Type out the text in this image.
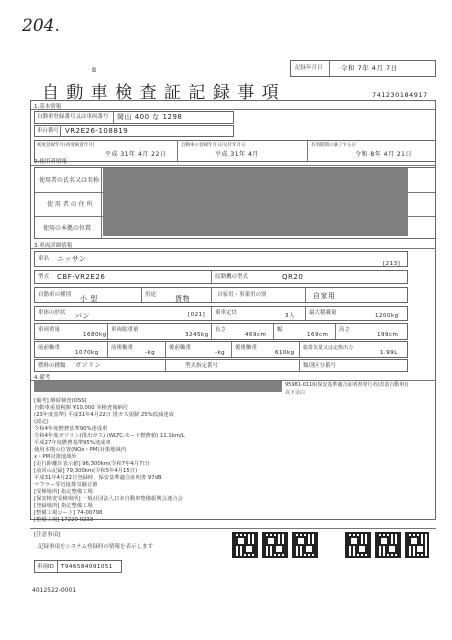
204.
B
自 動 車 検 査 証 記 録 事 項
記録年月日	令和 7年 4月 7日
741230184917
1.基本情報
自動車登録番号又は車両番号 岡山 400 な 1298
車台番号 VR2E26-108819
初度登録年月(初度検査年月)
平成 31年 4月 22日
自動車の登録年月日/交付年月日
平成 31年 4月
有効期間の満了する日
令和 8年 4月 21日
2.使用者情報
使用者の氏名又は名称
使 用 者 の 住 所
使用の本拠の位置
3.車両詳細情報
車名 ニッサン
[213]
型式 CBF-VR2E26	原動機の型式	QR20
自動車の種別 小 型	用途	貨物	自家用・事業用の別	自家用
車体の形状 バン	[021] 乗車定員	3人	最大積載量	1200kg
車両重量
1680kg
車両総重量
3245kg
長さ
469cm
幅
169cm
高さ
199cm
前前軸重
1070kg
前後軸重
-kg
後前軸重
-kg
後後軸重
610kg
総排気量又は定格出力
1.99L
燃料の種類 ガソリン	型式指定番号	類別区分番号
4.備考
95981-0110(保安基準適合証明書発行者(改造自動車))
以下余白
[備考] 継続検査(OSS)
自動車重量税額 ¥10,000 本検査後納付
(23年度基準) 平成31年4月22日 排ガス規制 25%低減達成
(認定)
令和4年度燃費基準90%達成車
令和4年度ガソリン(排出ガス) (WLTC:モード燃費値) 11.1km/L
平成27年度燃費基準95%達成車
使用本拠の位置(NOx・PM)対策地域内
x・PM対策地域外
[走行距離計表示値] 96,300km(令和7年4月7日)
[前回の記録] 79,300km(令和5年4月15日)
平成31年4月22日登録時、保安基準適合証明書 97dB
マフラー等近接排気騒音値
[受検場所] 指定整備工場
[保安検査受検場所] 一般社団法人日本自動車整備振興会連合会
[登録場所] 指定整備工場
[整備工場コード] 74-00798
[整備工場] 17220-0233
[注意事項]
記録事項をシステム登録時の情報を表示します
車両ID T946584091051
4012522-0001
